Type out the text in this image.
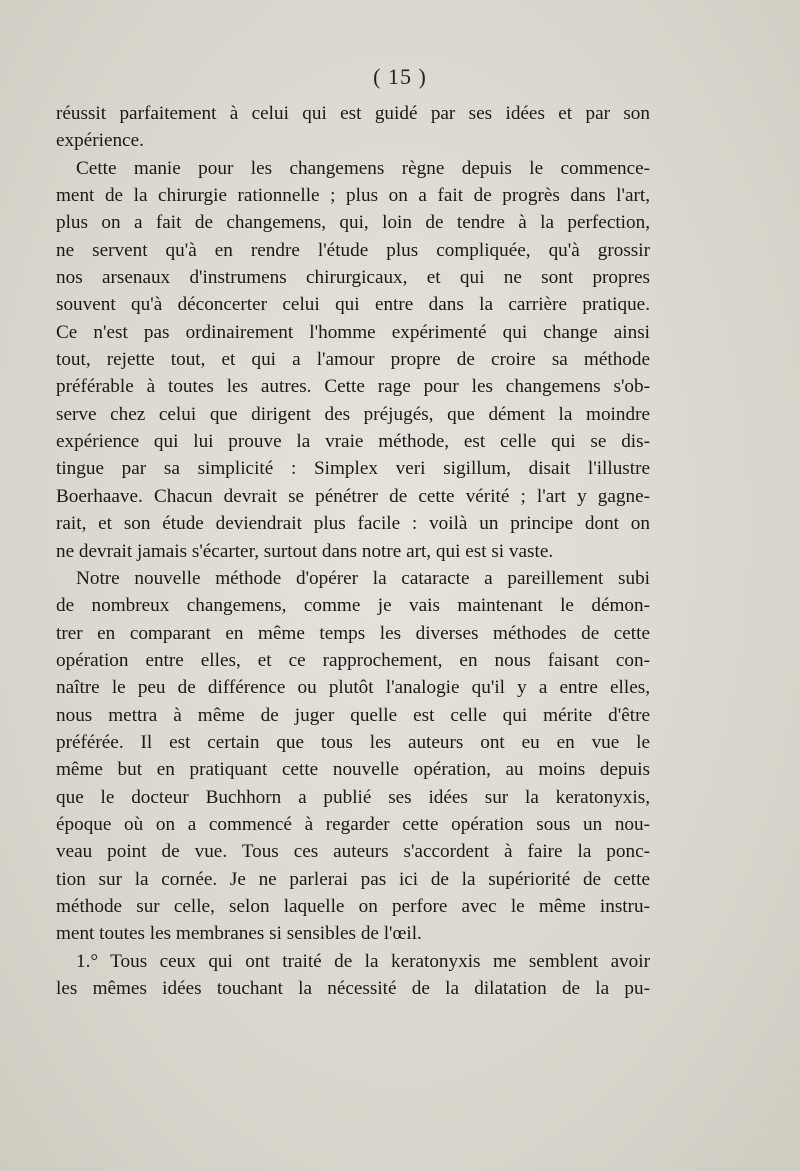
( 15 )
réussit parfaitement à celui qui est guidé par ses idées et par son
expérience.
Cette manie pour les changemens règne depuis le commence-
ment de la chirurgie rationnelle ; plus on a fait de progrès dans l'art,
plus on a fait de changemens, qui, loin de tendre à la perfection,
ne servent qu'à en rendre l'étude plus compliquée, qu'à grossir
nos arsenaux d'instrumens chirurgicaux, et qui ne sont propres
souvent qu'à déconcerter celui qui entre dans la carrière pratique.
Ce n'est pas ordinairement l'homme expérimenté qui change ainsi
tout, rejette tout, et qui a l'amour propre de croire sa méthode
préférable à toutes les autres. Cette rage pour les changemens s'ob-
serve chez celui que dirigent des préjugés, que dément la moindre
expérience qui lui prouve la vraie méthode, est celle qui se dis-
tingue par sa simplicité : Simplex veri sigillum, disait l'illustre
Boerhaave. Chacun devrait se pénétrer de cette vérité ; l'art y gagne-
rait, et son étude deviendrait plus facile : voilà un principe dont on
ne devrait jamais s'écarter, surtout dans notre art, qui est si vaste.
Notre nouvelle méthode d'opérer la cataracte a pareillement subi
de nombreux changemens, comme je vais maintenant le démon-
trer en comparant en même temps les diverses méthodes de cette
opération entre elles, et ce rapprochement, en nous faisant con-
naître le peu de différence ou plutôt l'analogie qu'il y a entre elles,
nous mettra à même de juger quelle est celle qui mérite d'être
préférée. Il est certain que tous les auteurs ont eu en vue le
même but en pratiquant cette nouvelle opération, au moins depuis
que le docteur Buchhorn a publié ses idées sur la keratonyxis,
époque où on a commencé à regarder cette opération sous un nou-
veau point de vue. Tous ces auteurs s'accordent à faire la ponc-
tion sur la cornée. Je ne parlerai pas ici de la supériorité de cette
méthode sur celle, selon laquelle on perfore avec le même instru-
ment toutes les membranes si sensibles de l'œil.
1.° Tous ceux qui ont traité de la keratonyxis me semblent avoir
les mêmes idées touchant la nécessité de la dilatation de la pu-
